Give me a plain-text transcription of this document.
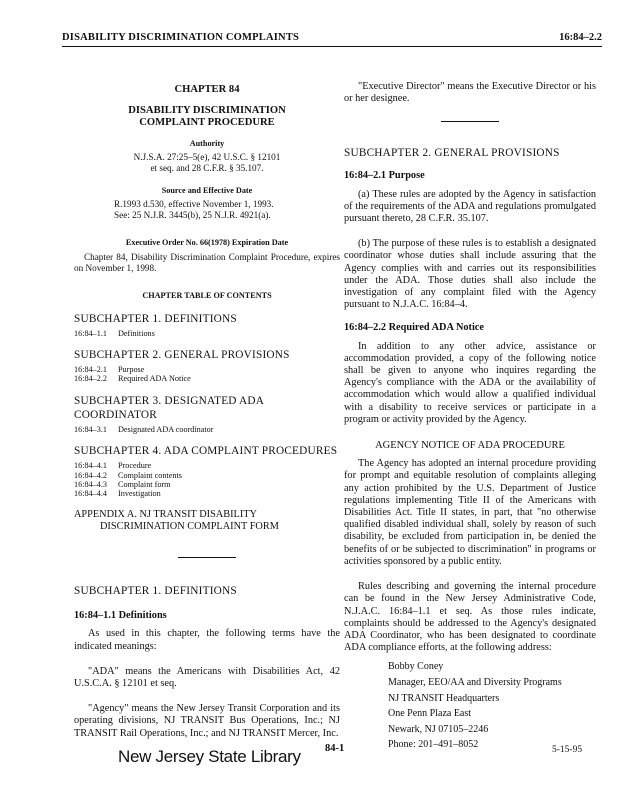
DISABILITY DISCRIMINATION COMPLAINTS	16:84–2.2
CHAPTER 84
DISABILITY DISCRIMINATION
COMPLAINT PROCEDURE
Authority
N.J.S.A. 27:25–5(e), 42 U.S.C. § 12101
et seq. and 28 C.F.R. § 35.107.
Source and Effective Date
R.1993 d.530, effective November 1, 1993.
See: 25 N.J.R. 3445(b), 25 N.J.R. 4921(a).
Executive Order No. 66(1978) Expiration Date
Chapter 84, Disability Discrimination Complaint Procedure, expires on November 1, 1998.
CHAPTER TABLE OF CONTENTS
SUBCHAPTER 1. DEFINITIONS
16:84–1.1 Definitions
SUBCHAPTER 2. GENERAL PROVISIONS
16:84–2.1 Purpose
16:84–2.2 Required ADA Notice
SUBCHAPTER 3. DESIGNATED ADA COORDINATOR
16:84–3.1 Designated ADA coordinator
SUBCHAPTER 4. ADA COMPLAINT PROCEDURES
16:84–4.1 Procedure
16:84–4.2 Complaint contents
16:84–4.3 Complaint form
16:84–4.4 Investigation
APPENDIX A. NJ TRANSIT DISABILITY
DISCRIMINATION COMPLAINT FORM
SUBCHAPTER 1. DEFINITIONS
16:84–1.1 Definitions
As used in this chapter, the following terms have the indicated meanings:
"ADA" means the Americans with Disabilities Act, 42 U.S.C.A. § 12101 et seq.
"Agency" means the New Jersey Transit Corporation and its operating divisions, NJ TRANSIT Bus Operations, Inc.; NJ TRANSIT Rail Operations, Inc.; and NJ TRANSIT Mercer, Inc.
"Executive Director" means the Executive Director or his or her designee.
SUBCHAPTER 2. GENERAL PROVISIONS
16:84–2.1 Purpose
(a) These rules are adopted by the Agency in satisfaction of the requirements of the ADA and regulations promulgated pursuant thereto, 28 C.F.R. 35.107.
(b) The purpose of these rules is to establish a designated coordinator whose duties shall include assuring that the Agency complies with and carries out its responsibilities under the ADA. Those duties shall also include the investigation of any complaint filed with the Agency pursuant to N.J.A.C. 16:84–4.
16:84–2.2 Required ADA Notice
In addition to any other advice, assistance or accommodation provided, a copy of the following notice shall be given to anyone who inquires regarding the Agency's compliance with the ADA or the availability of accommodation which would allow a qualified individual with a disability to receive services or participate in a program or activity provided by the Agency.
AGENCY NOTICE OF ADA PROCEDURE
The Agency has adopted an internal procedure providing for prompt and equitable resolution of complaints alleging any action prohibited by the U.S. Department of Justice regulations implementing Title II of the Americans with Disabilities Act. Title II states, in part, that "no otherwise qualified disabled individual shall, solely by reason of such disability, be excluded from participation in, be denied the benefits of or be subjected to discrimination" in programs or activities sponsored by a public entity.
Rules describing and governing the internal procedure can be found in the New Jersey Administrative Code, N.J.A.C. 16:84–1.1 et seq. As those rules indicate, complaints should be addressed to the Agency's designated ADA Coordinator, who has been designated to coordinate ADA compliance efforts, at the following address:
Bobby Coney
Manager, EEO/AA and Diversity Programs
NJ TRANSIT Headquarters
One Penn Plaza East
Newark, NJ 07105–2246
Phone: 201–491–8052
New Jersey State Library 84-1	5-15-95
